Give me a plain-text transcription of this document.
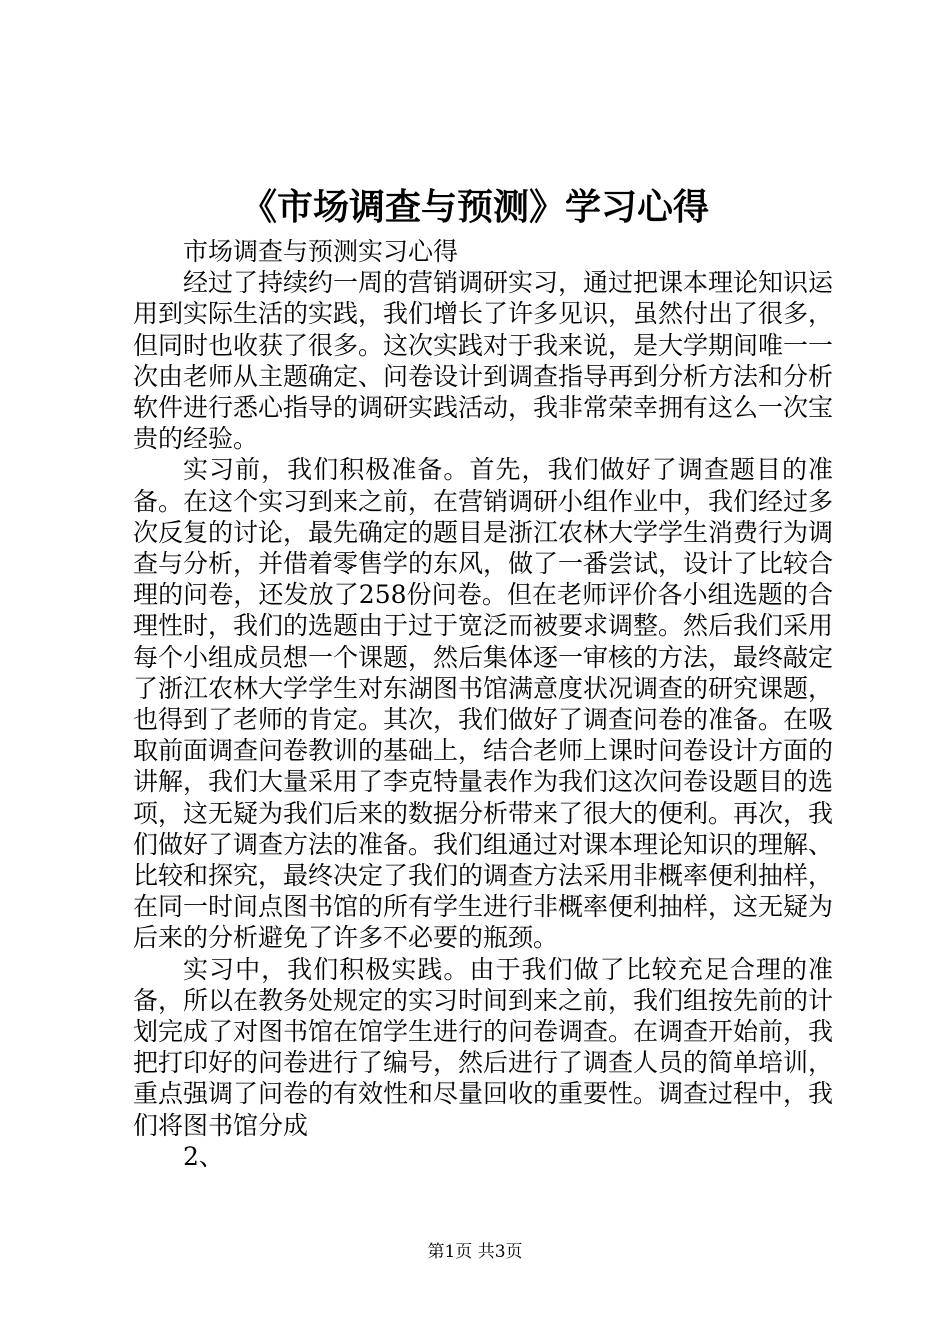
《市场调查与预测》学习心得

市场调查与预测实习心得

经过了持续约一周的营销调研实习，通过把课本理论知识运用到实际生活的实践，我们增长了许多见识，虽然付出了很多，但同时也收获了很多。这次实践对于我来说，是大学期间唯一一次由老师从主题确定、问卷设计到调查指导再到分析方法和分析软件进行悉心指导的调研实践活动，我非常荣幸拥有这么一次宝贵的经验。

实习前，我们积极准备。首先，我们做好了调查题目的准备。在这个实习到来之前，在营销调研小组作业中，我们经过多次反复的讨论，最先确定的题目是浙江农林大学学生消费行为调查与分析，并借着零售学的东风，做了一番尝试，设计了比较合理的问卷，还发放了258份问卷。但在老师评价各小组选题的合理性时，我们的选题由于过于宽泛而被要求调整。然后我们采用每个小组成员想一个课题，然后集体逐一审核的方法，最终敲定了浙江农林大学学生对东湖图书馆满意度状况调查的研究课题，也得到了老师的肯定。其次，我们做好了调查问卷的准备。在吸取前面调查问卷教训的基础上，结合老师上课时问卷设计方面的讲解，我们大量采用了李克特量表作为我们这次问卷设题目的选项，这无疑为我们后来的数据分析带来了很大的便利。再次，我们做好了调查方法的准备。我们组通过对课本理论知识的理解、比较和探究，最终决定了我们的调查方法采用非概率便利抽样，在同一时间点图书馆的所有学生进行非概率便利抽样，这无疑为后来的分析避免了许多不必要的瓶颈。

实习中，我们积极实践。由于我们做了比较充足合理的准备，所以在教务处规定的实习时间到来之前，我们组按先前的计划完成了对图书馆在馆学生进行的问卷调查。在调查开始前，我把打印好的问卷进行了编号，然后进行了调查人员的简单培训，重点强调了问卷的有效性和尽量回收的重要性。调查过程中，我们将图书馆分成

2、

第1页 共3页
